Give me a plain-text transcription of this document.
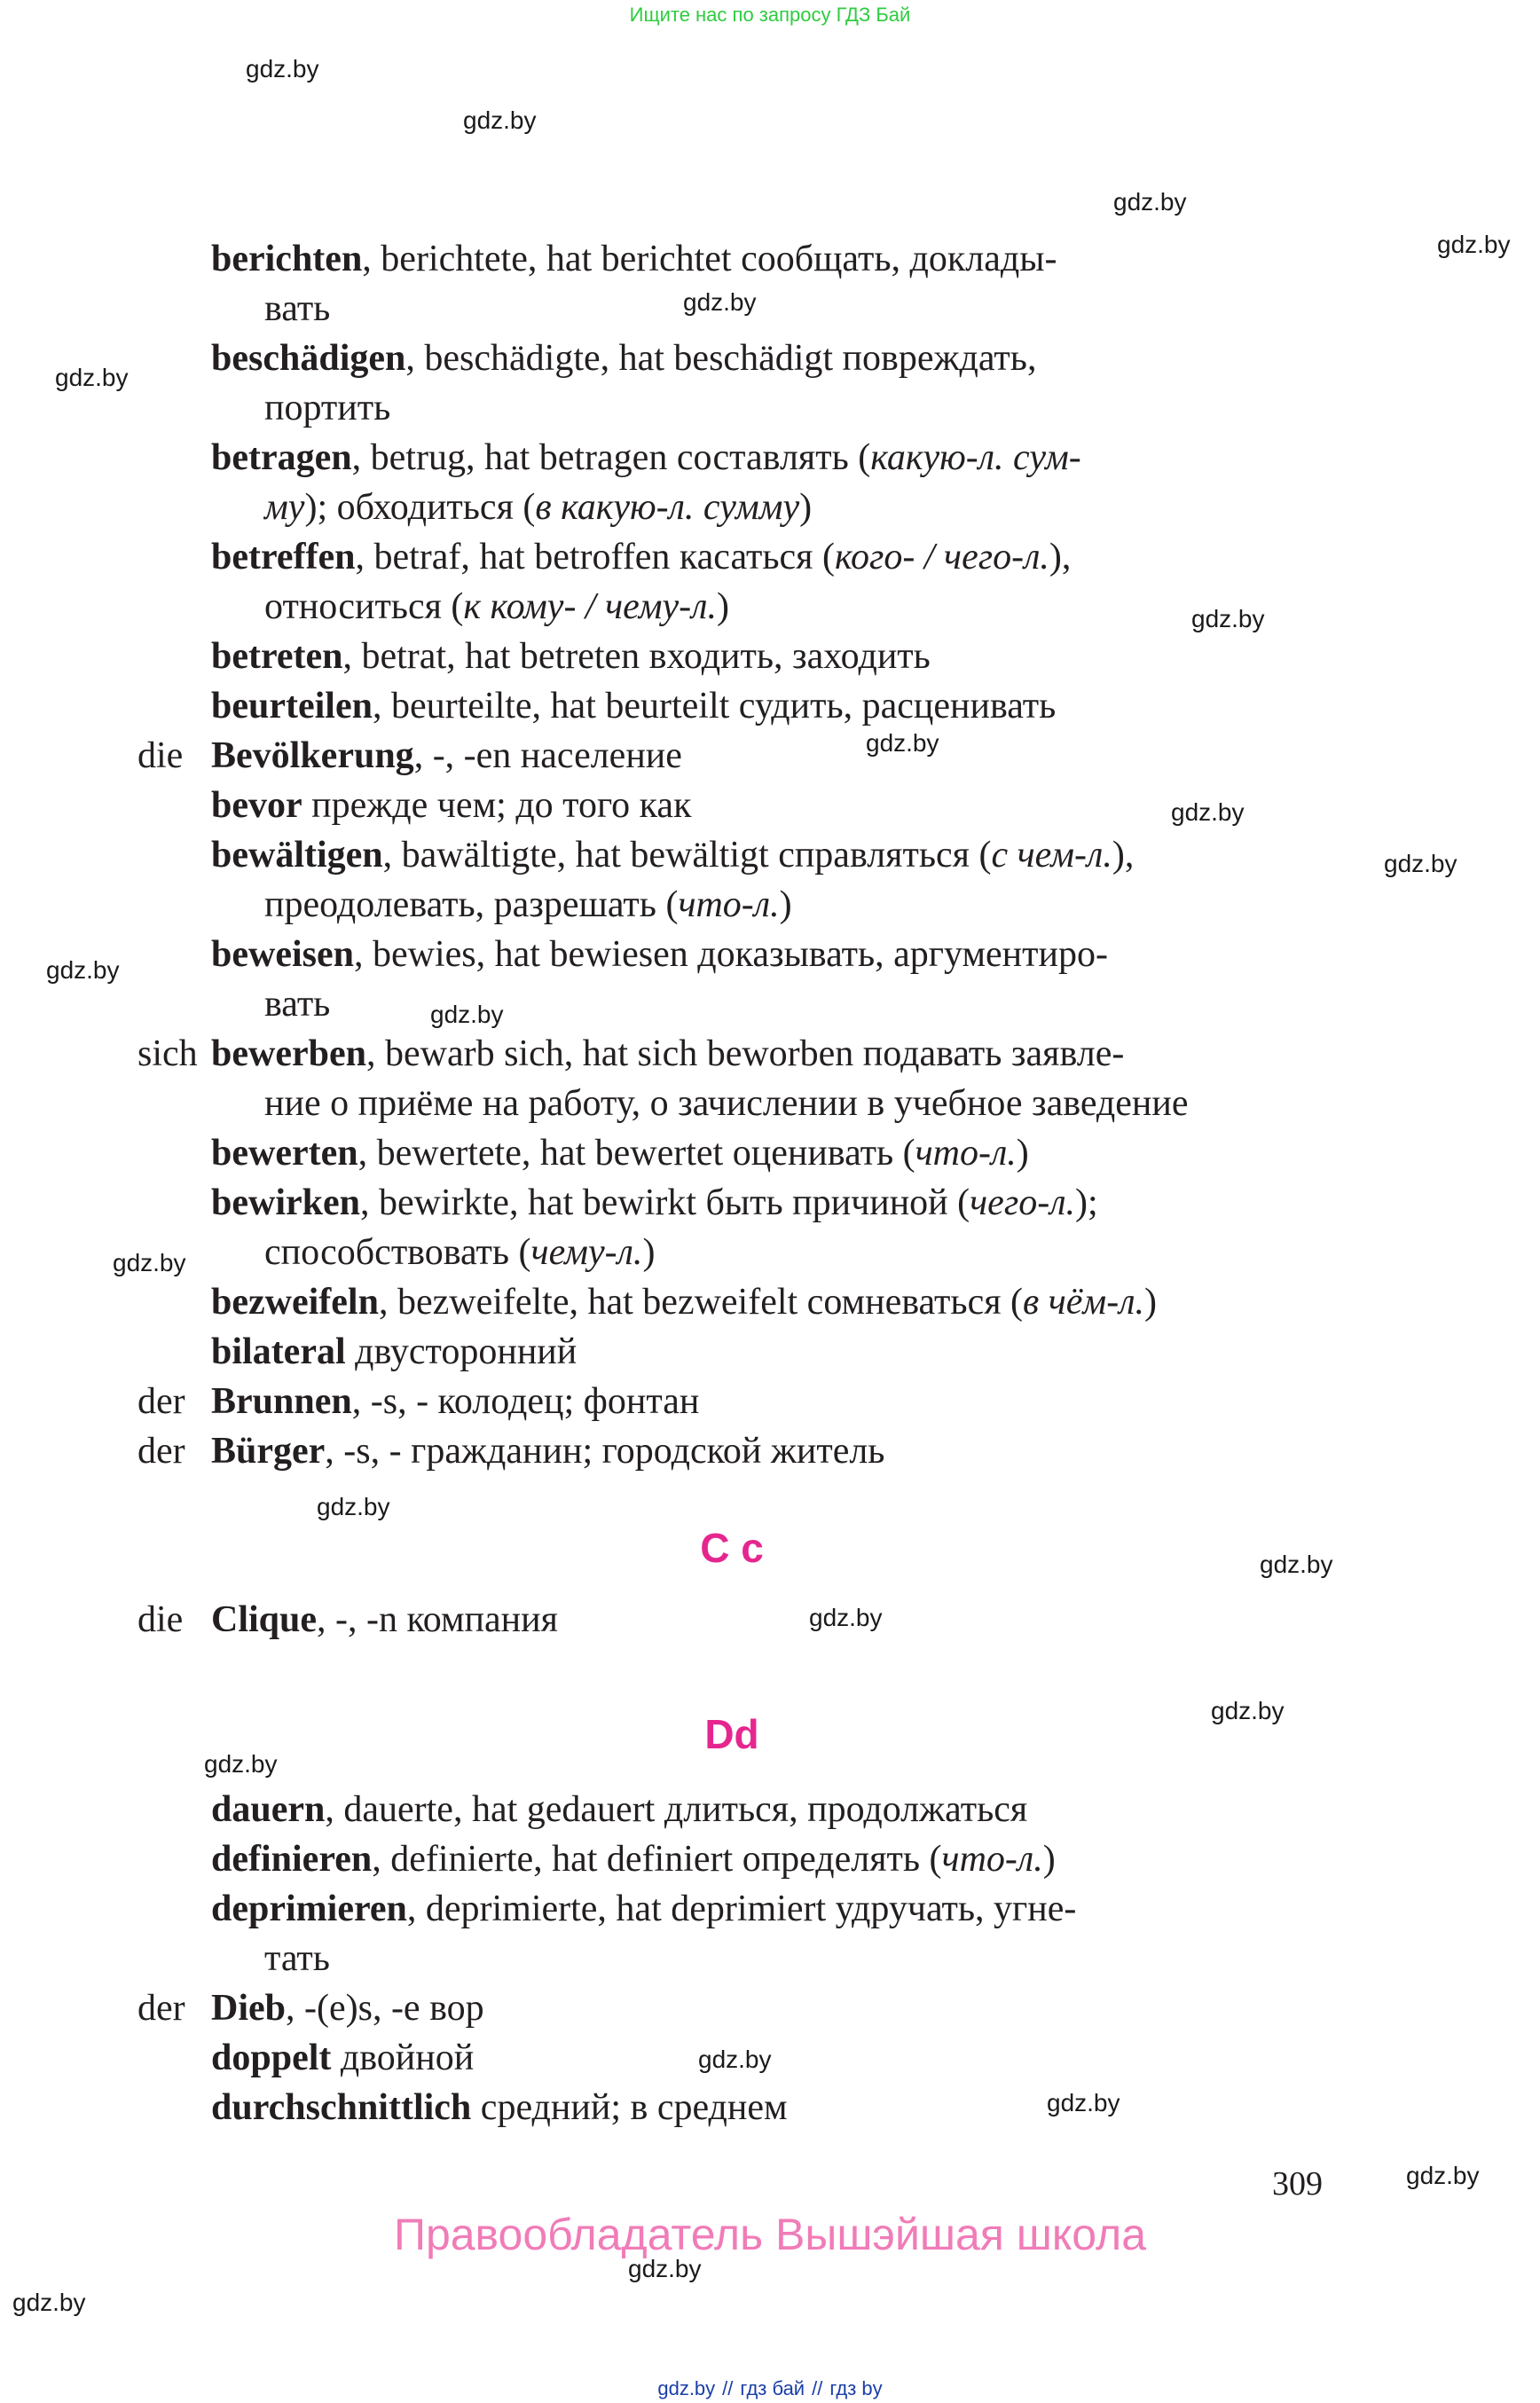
Ищите нас по запросу ГДЗ Бай
gdz.by
gdz.by
gdz.by
gdz.by
gdz.by
gdz.by
gdz.by
gdz.by
gdz.by
gdz.by
gdz.by
gdz.by
gdz.by
gdz.by
gdz.by
gdz.by
gdz.by
gdz.by
gdz.by
gdz.by
gdz.by
gdz.by
gdz.by
berichten, berichtete, hat berichtet сообщать, доклады-
вать
beschädigen, beschädigte, hat beschädigt повреждать,
портить
betragen, betrug, hat betragen составлять (какую-л. сум-
му); обходиться (в какую-л. сумму)
betreffen, betraf, hat betroffen касаться (кого- / чего-л.),
относиться (к кому- / чему-л.)
betreten, betrat, hat betreten входить, заходить
beurteilen, beurteilte, hat beurteilt судить, расценивать
die Bevölkerung, -, -en население
bevor прежде чем; до того как
bewältigen, bawältigte, hat bewältigt справляться (с чем-л.),
преодолевать, разрешать (что-л.)
beweisen, bewies, hat bewiesen доказывать, аргументиро-
вать
sich bewerben, bewarb sich, hat sich beworben подавать заявле-
ние о приёме на работу, о зачислении в учебное заведение
bewerten, bewertete, hat bewertet оценивать (что-л.)
bewirken, bewirkte, hat bewirkt быть причиной (чего-л.);
способствовать (чему-л.)
bezweifeln, bezweifelte, hat bezweifelt сомневаться (в чём-л.)
bilateral двусторонний
der Brunnen, -s, - колодец; фонтан
der Bürger, -s, - гражданин; городской житель
die Clique, -, -n компания
dauern, dauerte, hat gedauert длиться, продолжаться
definieren, definierte, hat definiert определять (что-л.)
deprimieren, deprimierte, hat deprimiert удручать, угне-
тать
der Dieb, -(e)s, -e вор
doppelt двойной
durchschnittlich средний; в среднем
C c
Dd
309
Правообладатель Вышэйшая школа
gdz.by // гдз бай // гдз by
